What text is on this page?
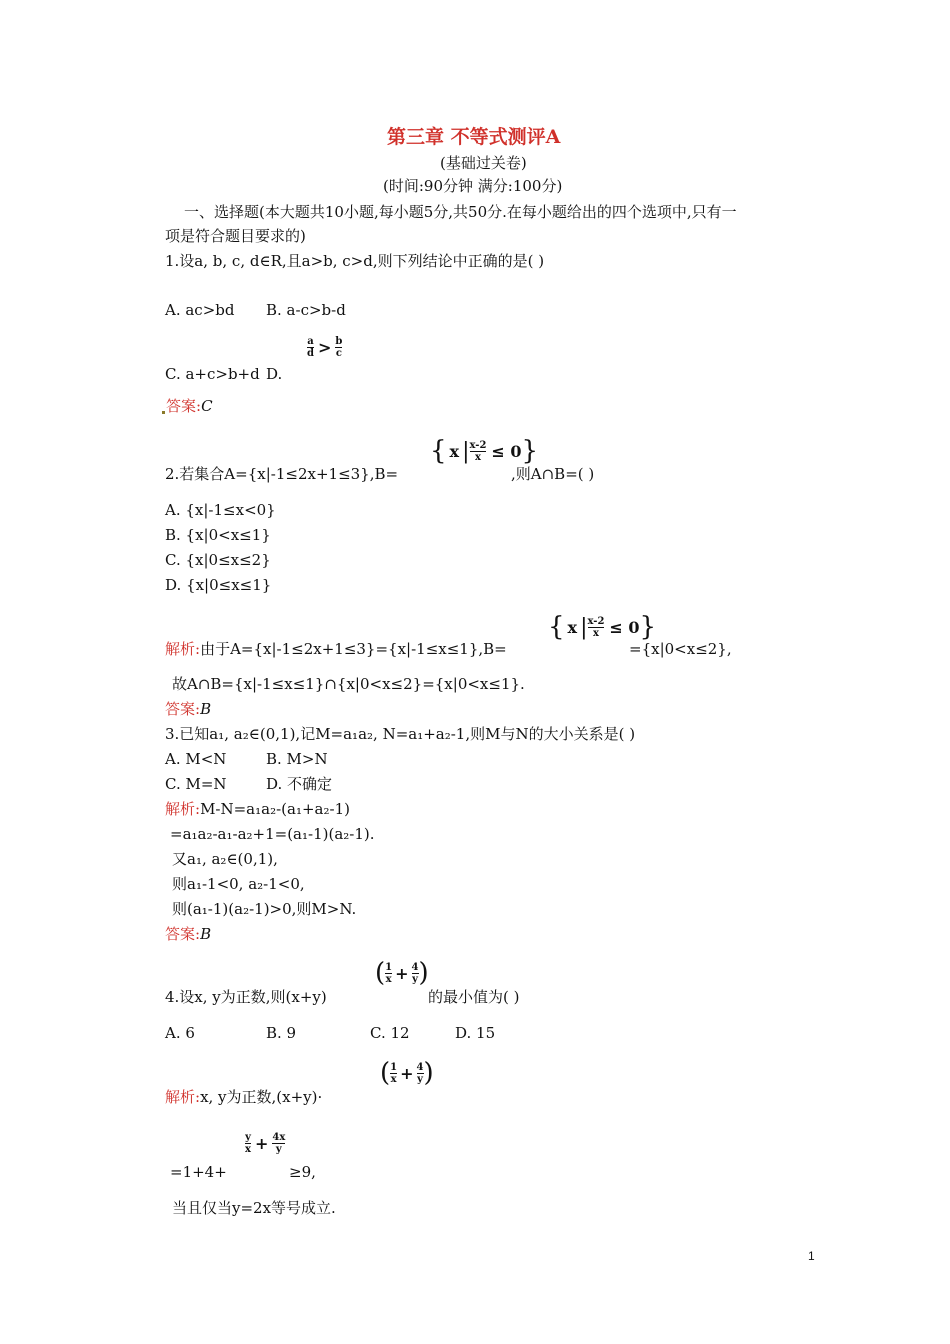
第三章 不等式测评A
(基础过关卷)
(时间:90分钟 满分:100分)
一、选择题(本大题共10小题,每小题5分,共50分.在每小题给出的四个选项中,只有一
项是符合题目要求的)
1.设a, b, c, d∈R,且a>b, c>d,则下列结论中正确的是( )
A. ac>bd B. a-c>b-d
$\frac{a}{d} > \frac{b}{c}$
C. a+c>b+d D.
答案:C
{ x | $\frac{x-2}{x} \le 0$ }
2.若集合A={x|-1≤2x+1≤3},B=	,则A∩B=( )
A. {x|-1≤x<0}
B. {x|0<x≤1}
C. {x|0≤x≤2}
D. {x|0≤x≤1}
{ x | $\frac{x-2}{x} \le 0$ }
解析:由于A={x|-1≤2x+1≤3}={x|-1≤x≤1},B=	={x|0<x≤2},
故A∩B={x|-1≤x≤1}∩{x|0<x≤2}={x|0<x≤1}.
答案:B
3.已知a₁, a₂∈(0,1),记M=a₁a₂, N=a₁+a₂-1,则M与N的大小关系是( )
A. M<N	B. M>N
C. M=N	D. 不确定
解析:M-N=a₁a₂-(a₁+a₂-1)
=a₁a₂-a₁-a₂+1=(a₁-1)(a₂-1).
又a₁, a₂∈(0,1),
则a₁-1<0, a₂-1<0,
则(a₁-1)(a₂-1)>0,则M>N.
答案:B
( $\frac{1}{x} + \frac{4}{y}$ )
4.设x, y为正数,则(x+y)	的最小值为( )
A. 6	B. 9	C. 12	D. 15
( $\frac{1}{x} + \frac{4}{y}$ )
解析:x, y为正数,(x+y)·
$\frac{y}{x} + \frac{4x}{y}$
=1+4+	≥9,
当且仅当y=2x等号成立.
1
